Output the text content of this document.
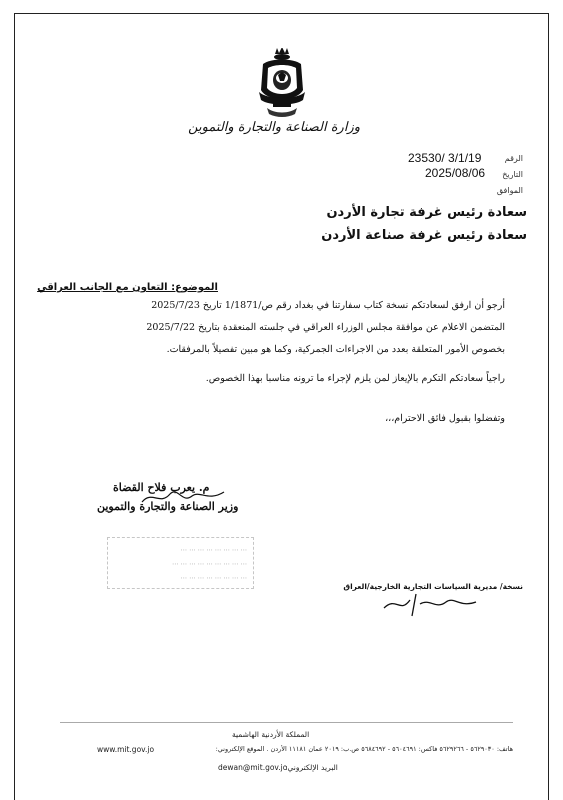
وزارة الصناعة والتجارة والتموين
الرقم
23530/ 3/1/19
التاريخ
2025/08/06
الموافق
سعادة رئيس غرفة تجارة الأردن
سعادة رئيس غرفة صناعة الأردن
الموضوع: التعاون مع الجانب العراقي
أرجو أن ارفق لسعادتكم نسخة كتاب سفارتنا في بغداد رقم ص/1/1871 تاريخ 2025/7/23
المتضمن الاعلام عن موافقة مجلس الوزراء العراقي في جلسته المنعقدة بتاريخ 2025/7/22
بخصوص الأمور المتعلقة بعدد من الاجراءات الجمركية، وكما هو مبين تفصيلاً بالمرفقات.
راجياً سعادتكم التكرم بالإيعاز لمن يلزم لإجراء ما ترونه مناسبا بهذا الخصوص.
وتفضلوا بقبول فائق الاحترام،،،
م. يعرب فلاح القضاة
وزير الصناعة والتجارة والتموين
⋯ ⋯ ⋯ ⋯ ⋯ ⋯ ⋯ ⋯
⋯ ⋯ ⋯ ⋯ ⋯ ⋯ ⋯ ⋯ ⋯
⋯ ⋯ ⋯ ⋯ ⋯ ⋯ ⋯ ⋯
نسخة/ مديرية السياسات التجارية الخارجية/العراق
المملكة الأردنية الهاشمية
www.mit.gov.jo	هاتف: ٥٦٢٩٠٣٠ - ٥٦٢٩٢٦٦ فاكس: ٥٦٠٤٦٩١ - ٥٦٨٤٦٩٢ ص.ب: ٢٠١٩ عمان ١١١٨١ الأردن . الموقع الإلكتروني:
dewan@mit.gov.jo
البريد الإلكتروني:
